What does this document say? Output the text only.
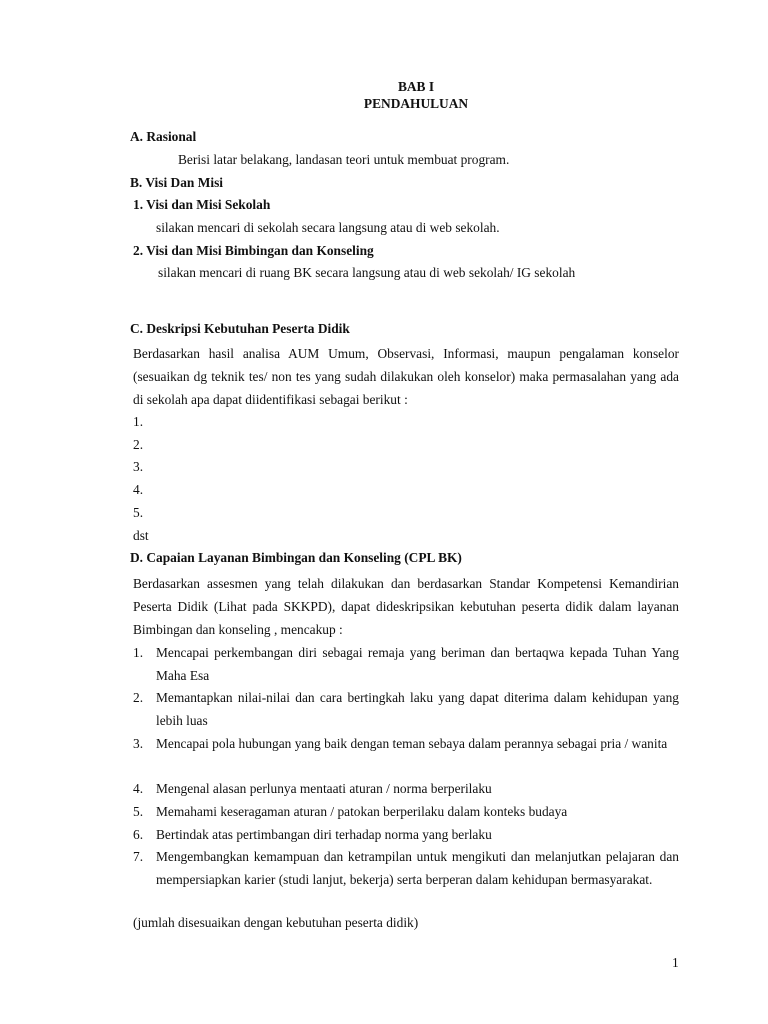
BAB I
PENDAHULUAN
A. Rasional
Berisi latar belakang, landasan teori untuk membuat program.
B. Visi Dan Misi
1. Visi dan Misi Sekolah
silakan mencari di sekolah secara langsung atau di web sekolah.
2. Visi dan Misi Bimbingan dan Konseling
silakan mencari di ruang BK secara langsung atau di web sekolah/ IG sekolah
C. Deskripsi Kebutuhan Peserta Didik
Berdasarkan hasil analisa AUM Umum, Observasi, Informasi, maupun pengalaman konselor (sesuaikan dg teknik tes/ non tes yang sudah dilakukan oleh konselor) maka permasalahan yang ada di sekolah apa dapat diidentifikasi sebagai berikut :
1.
2.
3.
4.
5.
dst
D. Capaian Layanan Bimbingan dan Konseling (CPL BK)
Berdasarkan assesmen yang telah dilakukan dan berdasarkan Standar Kompetensi Kemandirian Peserta Didik (Lihat pada SKKPD), dapat dideskripsikan kebutuhan peserta didik dalam layanan Bimbingan dan konseling , mencakup :
1. Mencapai perkembangan diri sebagai remaja yang beriman dan bertaqwa kepada Tuhan Yang Maha Esa
2. Memantapkan nilai-nilai dan cara bertingkah laku yang dapat diterima dalam kehidupan yang lebih luas
3. Mencapai pola hubungan yang baik dengan teman sebaya dalam perannya sebagai pria / wanita
4. Mengenal alasan perlunya mentaati aturan / norma berperilaku
5. Memahami keseragaman aturan / patokan berperilaku dalam konteks budaya
6. Bertindak atas pertimbangan diri terhadap norma yang berlaku
7. Mengembangkan kemampuan dan ketrampilan untuk mengikuti dan melanjutkan pelajaran dan mempersiapkan karier (studi lanjut, bekerja) serta berperan dalam kehidupan bermasyarakat.
(jumlah disesuaikan dengan kebutuhan peserta didik)
1
